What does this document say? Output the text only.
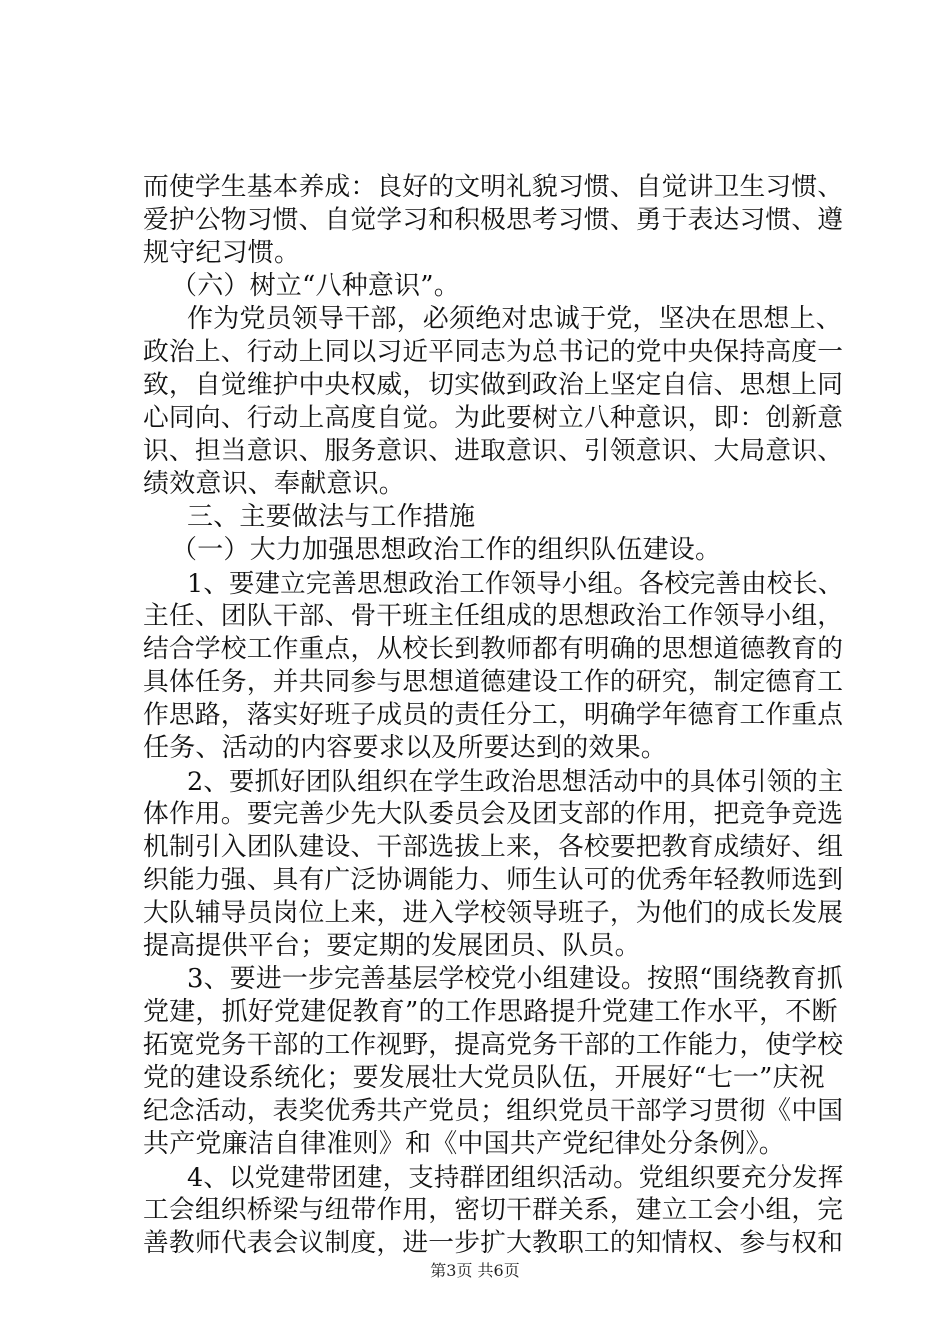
而使学生基本养成：良好的文明礼貌习惯、自觉讲卫生习惯、
爱护公物习惯、自觉学习和积极思考习惯、勇于表达习惯、遵
规守纪习惯。
（六）树立“八种意识”。
作为党员领导干部，必须绝对忠诚于党，坚决在思想上、
政治上、行动上同以习近平同志为总书记的党中央保持高度一
致，自觉维护中央权威，切实做到政治上坚定自信、思想上同
心同向、行动上高度自觉。为此要树立八种意识，即：创新意
识、担当意识、服务意识、进取意识、引领意识、大局意识、
绩效意识、奉献意识。
三、主要做法与工作措施
（一）大力加强思想政治工作的组织队伍建设。
1、要建立完善思想政治工作领导小组。各校完善由校长、
主任、团队干部、骨干班主任组成的思想政治工作领导小组，
结合学校工作重点，从校长到教师都有明确的思想道德教育的
具体任务，并共同参与思想道德建设工作的研究，制定德育工
作思路，落实好班子成员的责任分工，明确学年德育工作重点
任务、活动的内容要求以及所要达到的效果。
2、要抓好团队组织在学生政治思想活动中的具体引领的主
体作用。要完善少先大队委员会及团支部的作用，把竞争竞选
机制引入团队建设、干部选拔上来，各校要把教育成绩好、组
织能力强、具有广泛协调能力、师生认可的优秀年轻教师选到
大队辅导员岗位上来，进入学校领导班子，为他们的成长发展
提高提供平台；要定期的发展团员、队员。
3、要进一步完善基层学校党小组建设。按照“围绕教育抓
党建，抓好党建促教育”的工作思路提升党建工作水平，不断
拓宽党务干部的工作视野，提高党务干部的工作能力，使学校
党的建设系统化；要发展壮大党员队伍，开展好“七一”庆祝
纪念活动，表奖优秀共产党员；组织党员干部学习贯彻《中国
共产党廉洁自律准则》和《中国共产党纪律处分条例》。
4、以党建带团建，支持群团组织活动。党组织要充分发挥
工会组织桥梁与纽带作用，密切干群关系，建立工会小组，完
善教师代表会议制度，进一步扩大教职工的知情权、参与权和
第3页 共6页
